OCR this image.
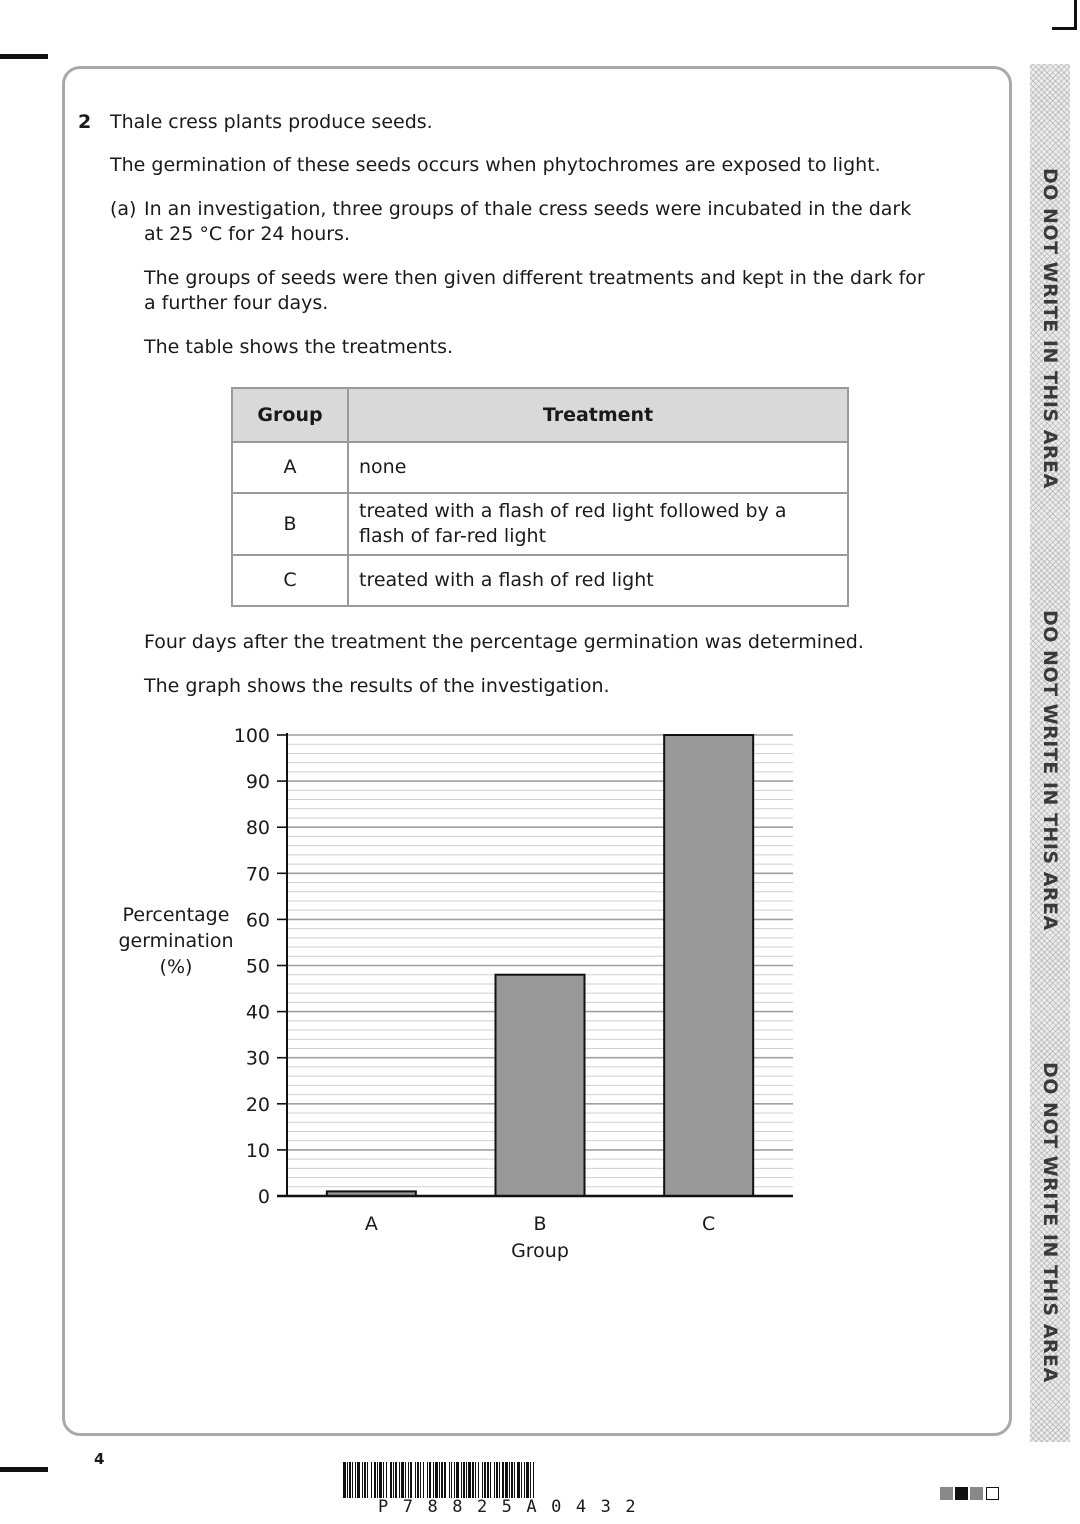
DO NOT WRITE IN THIS AREA
DO NOT WRITE IN THIS AREA
DO NOT WRITE IN THIS AREA
2 Thale cress plants produce seeds.
The germination of these seeds occurs when phytochromes are exposed to light.
(a) In an investigation, three groups of thale cress seeds were incubated in the dark
at 25 °C for 24 hours.
The groups of seeds were then given different treatments and kept in the dark for
a further four days.
The table shows the treatments.
Group	Treatment
A	none
B	treated with a flash of red light followed by a flash of far-red light
C	treated with a flash of red light
Four days after the treatment the percentage germination was determined.
The graph shows the results of the investigation.
A	B	C
0
10
20
30
40
50
60
70
80
90
100
Group
Percentage
germination
(%)
4
P78825A0432
